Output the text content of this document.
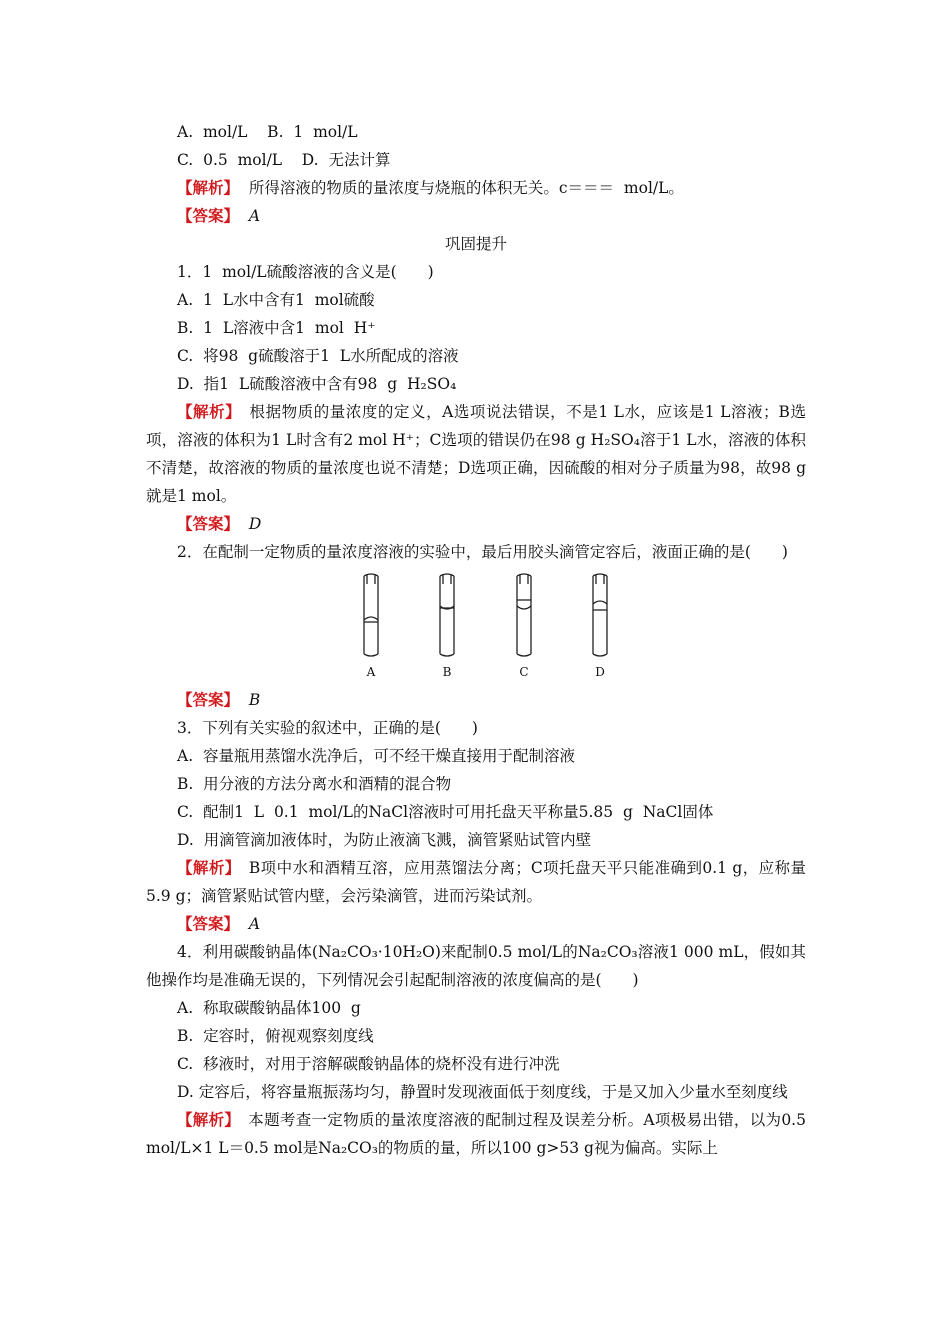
A.  mol/L    B.  1  mol/L
C.  0.5  mol/L    D.  无法计算
【解析】 所得溶液的物质的量浓度与烧瓶的体积无关。c＝＝＝  mol/L。
【答案】 A
巩固提升
1．1  mol/L硫酸溶液的含义是(　　)
A.  1  L水中含有1  mol硫酸
B.  1  L溶液中含1  mol  H⁺
C.  将98  g硫酸溶于1  L水所配成的溶液
D.  指1  L硫酸溶液中含有98  g  H₂SO₄
【解析】　 根据物质的量浓度的定义，A选项说法错误，不是1 L水，应该是1 L溶液；B选项，溶液的体积为1 L时含有2 mol H⁺；C选项的错误仍在98 g H₂SO₄溶于1 L水，溶液的体积不清楚，故溶液的物质的量浓度也说不清楚；D选项正确，因硫酸的相对分子质量为98，故98 g就是1 mol。
【答案】 D
2．在配制一定物质的量浓度溶液的实验中，最后用胶头滴管定容后，液面正确的是(　　)
A	B	C	D
【答案】 B
3．下列有关实验的叙述中，正确的是(　　)
A.  容量瓶用蒸馏水洗净后，可不经干燥直接用于配制溶液
B.  用分液的方法分离水和酒精的混合物
C.  配制1  L  0.1  mol/L的NaCl溶液时可用托盘天平称量5.85  g  NaCl固体
D.  用滴管滴加液体时，为防止液滴飞溅，滴管紧贴试管内壁
【解析】　 B项中水和酒精互溶，应用蒸馏法分离；C项托盘天平只能准确到0.1 g，应称量5.9 g；滴管紧贴试管内壁，会污染滴管，进而污染试剂。
【答案】 A
4．利用碳酸钠晶体(Na₂CO₃·10H₂O)来配制0.5 mol/L的Na₂CO₃溶液1 000 mL，假如其他操作均是准确无误的，下列情况会引起配制溶液的浓度偏高的是(　　)
A.  称取碳酸钠晶体100  g
B.  定容时，俯视观察刻度线
C.  移液时，对用于溶解碳酸钠晶体的烧杯没有进行冲洗
D. 定容后，将容量瓶振荡均匀，静置时发现液面低于刻度线，于是又加入少量水至刻度线
【解析】　 本题考查一定物质的量浓度溶液的配制过程及误差分析。A项极易出错，以为0.5 mol/L×1 L＝0.5 mol是Na₂CO₃的物质的量，所以100 g>53 g视为偏高。实际上
